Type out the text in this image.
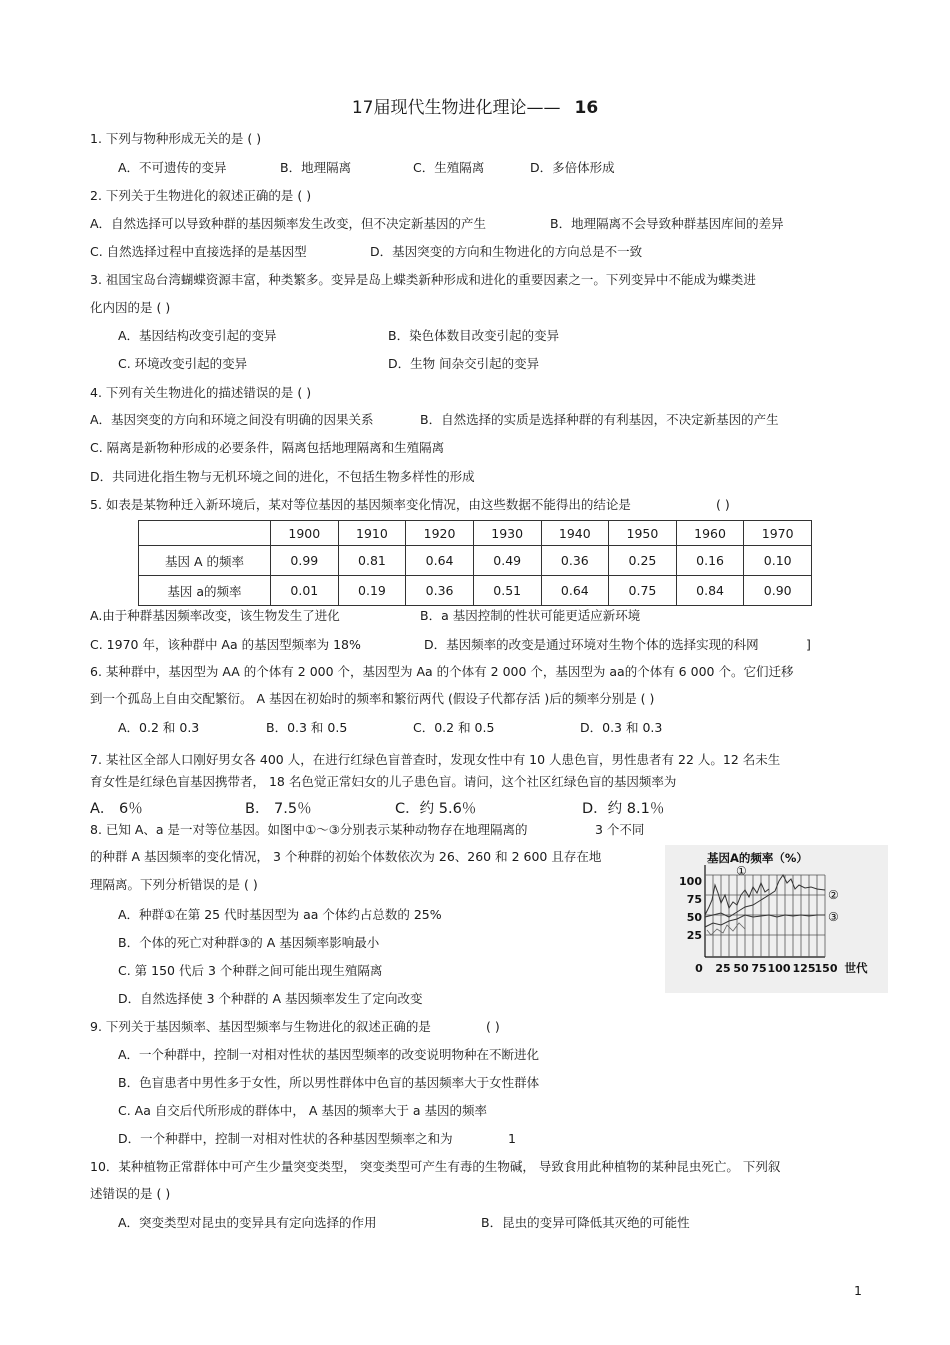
17届现代生物进化理论—— 16
1. 下列与物种形成无关的是 ( )
A．不可遗传的变异	B．地理隔离	C．生殖隔离	D．多倍体形成
2. 下列关于生物进化的叙述正确的是 ( )
A．自然选择可以导致种群的基因频率发生改变，但不决定新基因的产生	B．地理隔离不会导致种群基因库间的差异
C. 自然选择过程中直接选择的是基因型	D．基因突变的方向和生物进化的方向总是不一致
3. 祖国宝岛台湾蝴蝶资源丰富，种类繁多。变异是岛上蝶类新种形成和进化的重要因素之一。下列变异中不能成为蝶类进
化内因的是 ( )
A．基因结构改变引起的变异	B．染色体数目改变引起的变异
C. 环境改变引起的变异	D．生物 间杂交引起的变异
4. 下列有关生物进化的描述错误的是 ( )
A．基因突变的方向和环境之间没有明确的因果关系	B．自然选择的实质是选择种群的有利基因，不决定新基因的产生
C. 隔离是新物种形成的必要条件，隔离包括地理隔离和生殖隔离
D．共同进化指生物与无机环境之间的进化，不包括生物多样性的形成
5. 如表是某物种迁入新环境后，某对等位基因的基因频率变化情况，由这些数据不能得出的结论是	( )
	1900	1910	1920	1930	1940	1950	1960	1970
基因 A 的频率	0.99	0.81	0.64	0.49	0.36	0.25	0.16	0.10
基因 a的频率	0.01	0.19	0.36	0.51	0.64	0.75	0.84	0.90
A.由于种群基因频率改变，该生物发生了进化	B．a 基因控制的性状可能更适应新环境
C. 1970 年，该种群中 Aa 的基因型频率为 18%	D．基因频率的改变是通过环境对生物个体的选择实现的科网	]
6. 某种群中，基因型为 AA 的个体有 2 000 个，基因型为 Aa 的个体有 2 000 个，基因型为 aa的个体有 6 000 个。它们迁移
到一个孤岛上自由交配繁衍。 A 基因在初始时的频率和繁衍两代 (假设子代都存活 )后的频率分别是 ( )
A．0.2 和 0.3	B．0.3 和 0.5	C．0.2 和 0.5	D．0.3 和 0.3
7. 某社区全部人口刚好男女各 400 人，在进行红绿色盲普查时，发现女性中有 10 人患色盲，男性患者有 22 人。12 名未生
育女性是红绿色盲基因携带者， 18 名色觉正常妇女的儿子患色盲。请问，这个社区红绿色盲的基因频率为
A． 6％	B． 7.5％	C．约 5.6％	D．约 8.1％
8. 已知 A、a 是一对等位基因。如图中①～③分别表示某种动物存在地理隔离的	3 个不同
的种群 A 基因频率的变化情况， 3 个种群的初始个体数依次为 26、260 和 2 600 且存在地
理隔离。下列分析错误的是 ( )
A．种群①在第 25 代时基因型为 aa 个体约占总数的 25%
B．个体的死亡对种群③的 A 基因频率影响最小
C. 第 150 代后 3 个种群之间可能出现生殖隔离
D．自然选择使 3 个种群的 A 基因频率发生了定向改变
基因A的频率（%）
①
②
③
100
75
50
25
0 25 50 75 100 125 150 世代
9. 下列关于基因频率、基因型频率与生物进化的叙述正确的是	( )
A．一个种群中，控制一对相对性状的基因型频率的改变说明物种在不断进化
B．色盲患者中男性多于女性，所以男性群体中色盲的基因频率大于女性群体
C. Aa 自交后代所形成的群体中， A 基因的频率大于 a 基因的频率
D．一个种群中，控制一对相对性状的各种基因型频率之和为	1
10．某种植物正常群体中可产生少量突变类型， 突变类型可产生有毒的生物碱， 导致食用此种植物的某种昆虫死亡。 下列叙
述错误的是 ( )
A．突变类型对昆虫的变异具有定向选择的作用	B．昆虫的变异可降低其灭绝的可能性
1
